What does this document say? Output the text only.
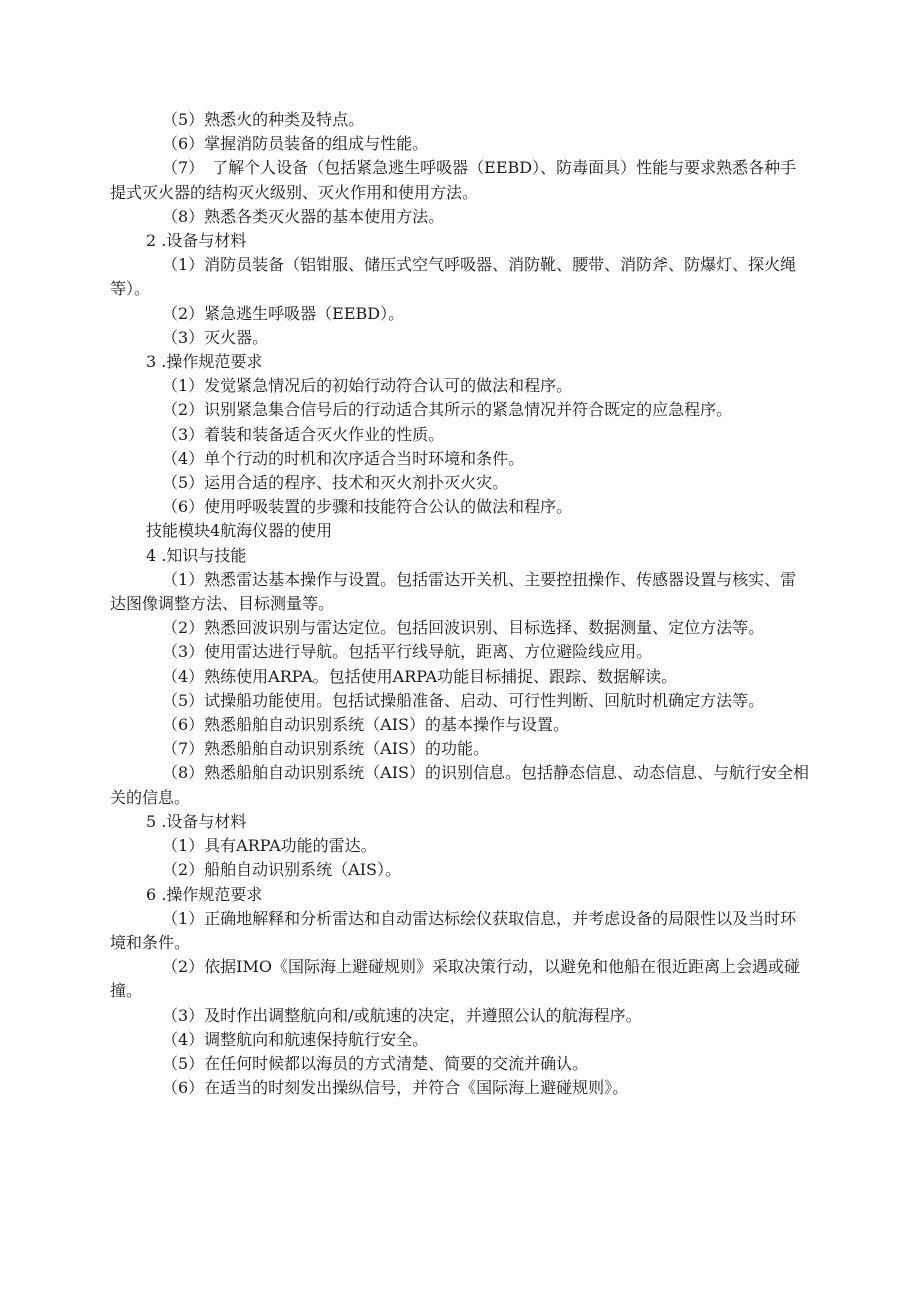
（5）熟悉火的种类及特点。

（6）掌握消防员装备的组成与性能。

（7）　了解个人设备（包括紧急逃生呼吸器（EEBD）、防毒面具）性能与要求熟悉各种手提式灭火器的结构灭火级别、灭火作用和使用方法。

（8）熟悉各类灭火器的基本使用方法。

2 .设备与材料

（1）消防员装备（铝钳服、储压式空气呼吸器、消防靴、腰带、消防斧、防爆灯、探火绳等）。

（2）紧急逃生呼吸器（EEBD）。

（3）灭火器。

3 .操作规范要求

（1）发觉紧急情况后的初始行动符合认可的做法和程序。

（2）识别紧急集合信号后的行动适合其所示的紧急情况并符合既定的应急程序。

（3）着装和装备适合灭火作业的性质。

（4）单个行动的时机和次序适合当时环境和条件。

（5）运用合适的程序、技术和灭火剂扑灭火灾。

（6）使用呼吸装置的步骤和技能符合公认的做法和程序。

技能模块4航海仪器的使用

4 .知识与技能

（1）熟悉雷达基本操作与设置。包括雷达开关机、主要控扭操作、传感器设置与核实、雷达图像调整方法、目标测量等。

（2）熟悉回波识别与雷达定位。包括回波识别、目标选择、数据测量、定位方法等。

（3）使用雷达进行导航。包括平行线导航，距离、方位避险线应用。

（4）熟练使用ARPA。包括使用ARPA功能目标捕捉、跟踪、数据解读。

（5）试操船功能使用。包括试操船准备、启动、可行性判断、回航时机确定方法等。

（6）熟悉船舶自动识别系统（AIS）的基本操作与设置。

（7）熟悉船舶自动识别系统（AIS）的功能。

（8）熟悉船舶自动识别系统（AIS）的识别信息。包括静态信息、动态信息、与航行安全相关的信息。

5 .设备与材料

（1）具有ARPA功能的雷达。

（2）船舶自动识别系统（AIS）。

6 .操作规范要求

（1）正确地解释和分析雷达和自动雷达标绘仪获取信息，并考虑设备的局限性以及当时环境和条件。

（2）依据IMO《国际海上避碰规则》采取决策行动，以避免和他船在很近距离上会遇或碰撞。

（3）及时作出调整航向和/或航速的决定，并遵照公认的航海程序。

（4）调整航向和航速保持航行安全。

（5）在任何时候都以海员的方式清楚、简要的交流并确认。

（6）在适当的时刻发出操纵信号，并符合《国际海上避碰规则》。
